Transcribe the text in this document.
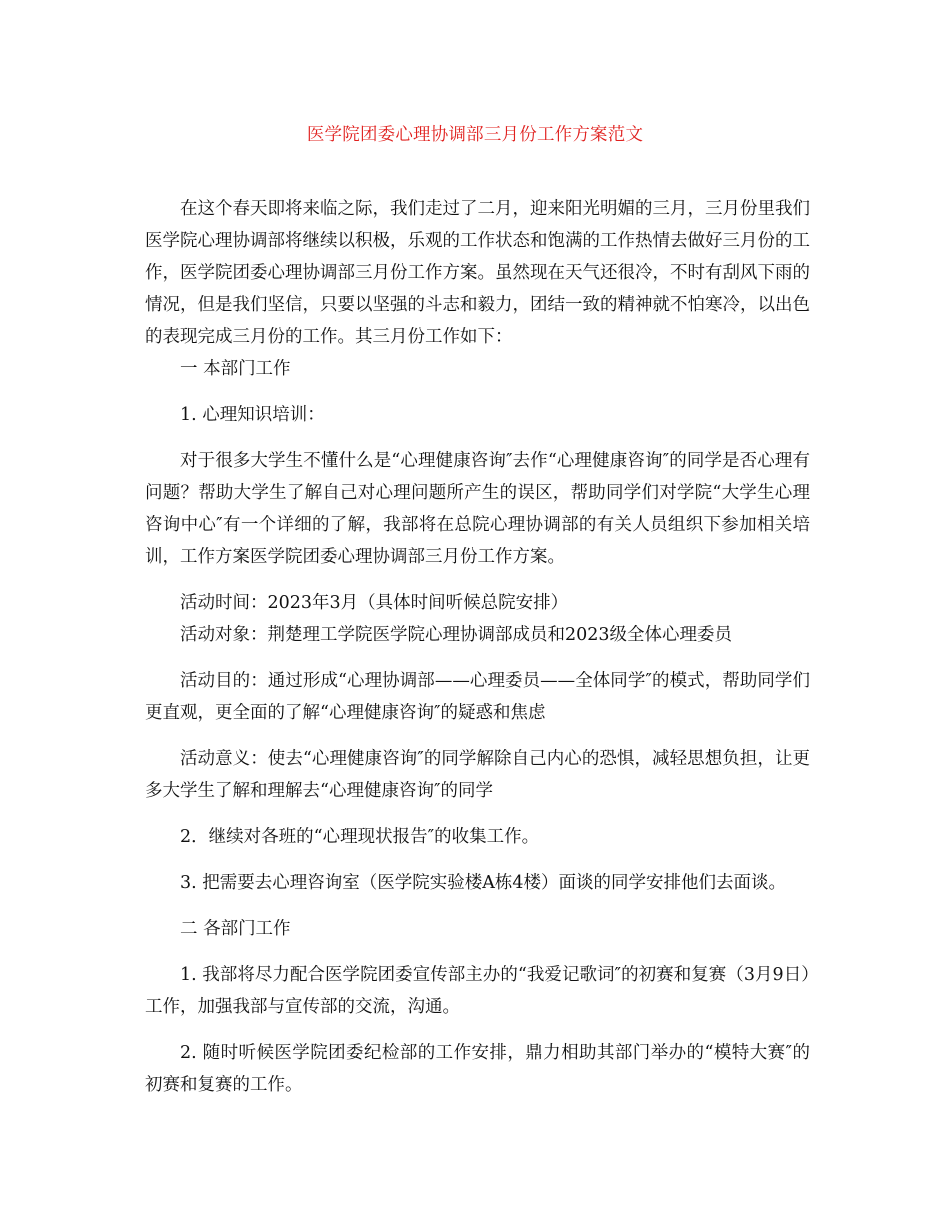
医学院团委心理协调部三月份工作方案范文

在这个春天即将来临之际，我们走过了二月，迎来阳光明媚的三月，三月份里我们医学院心理协调部将继续以积极，乐观的工作状态和饱满的工作热情去做好三月份的工作，医学院团委心理协调部三月份工作方案。虽然现在天气还很冷，不时有刮风下雨的情况，但是我们坚信，只要以坚强的斗志和毅力，团结一致的精神就不怕寒冷，以出色的表现完成三月份的工作。其三月份工作如下：

一 本部门工作

1. 心理知识培训：

对于很多大学生不懂什么是“心理健康咨询″去作“心理健康咨询″的同学是否心理有问题？帮助大学生了解自己对心理问题所产生的误区，帮助同学们对学院“大学生心理咨询中心″有一个详细的了解，我部将在总院心理协调部的有关人员组织下参加相关培训，工作方案医学院团委心理协调部三月份工作方案。

活动时间：2023年3月（具体时间听候总院安排）

活动对象：荆楚理工学院医学院心理协调部成员和2023级全体心理委员

活动目的：通过形成“心理协调部——心理委员——全体同学″的模式，帮助同学们更直观，更全面的了解“心理健康咨询″的疑惑和焦虑

活动意义：使去“心理健康咨询″的同学解除自己内心的恐惧，减轻思想负担，让更多大学生了解和理解去“心理健康咨询″的同学

2．继续对各班的“心理现状报告″的收集工作。

3. 把需要去心理咨询室（医学院实验楼A栋4楼）面谈的同学安排他们去面谈。

二 各部门工作

1. 我部将尽力配合医学院团委宣传部主办的“我爱记歌词″的初赛和复赛（3月9日）工作，加强我部与宣传部的交流，沟通。

2. 随时听候医学院团委纪检部的工作安排，鼎力相助其部门举办的“模特大赛″的初赛和复赛的工作。
